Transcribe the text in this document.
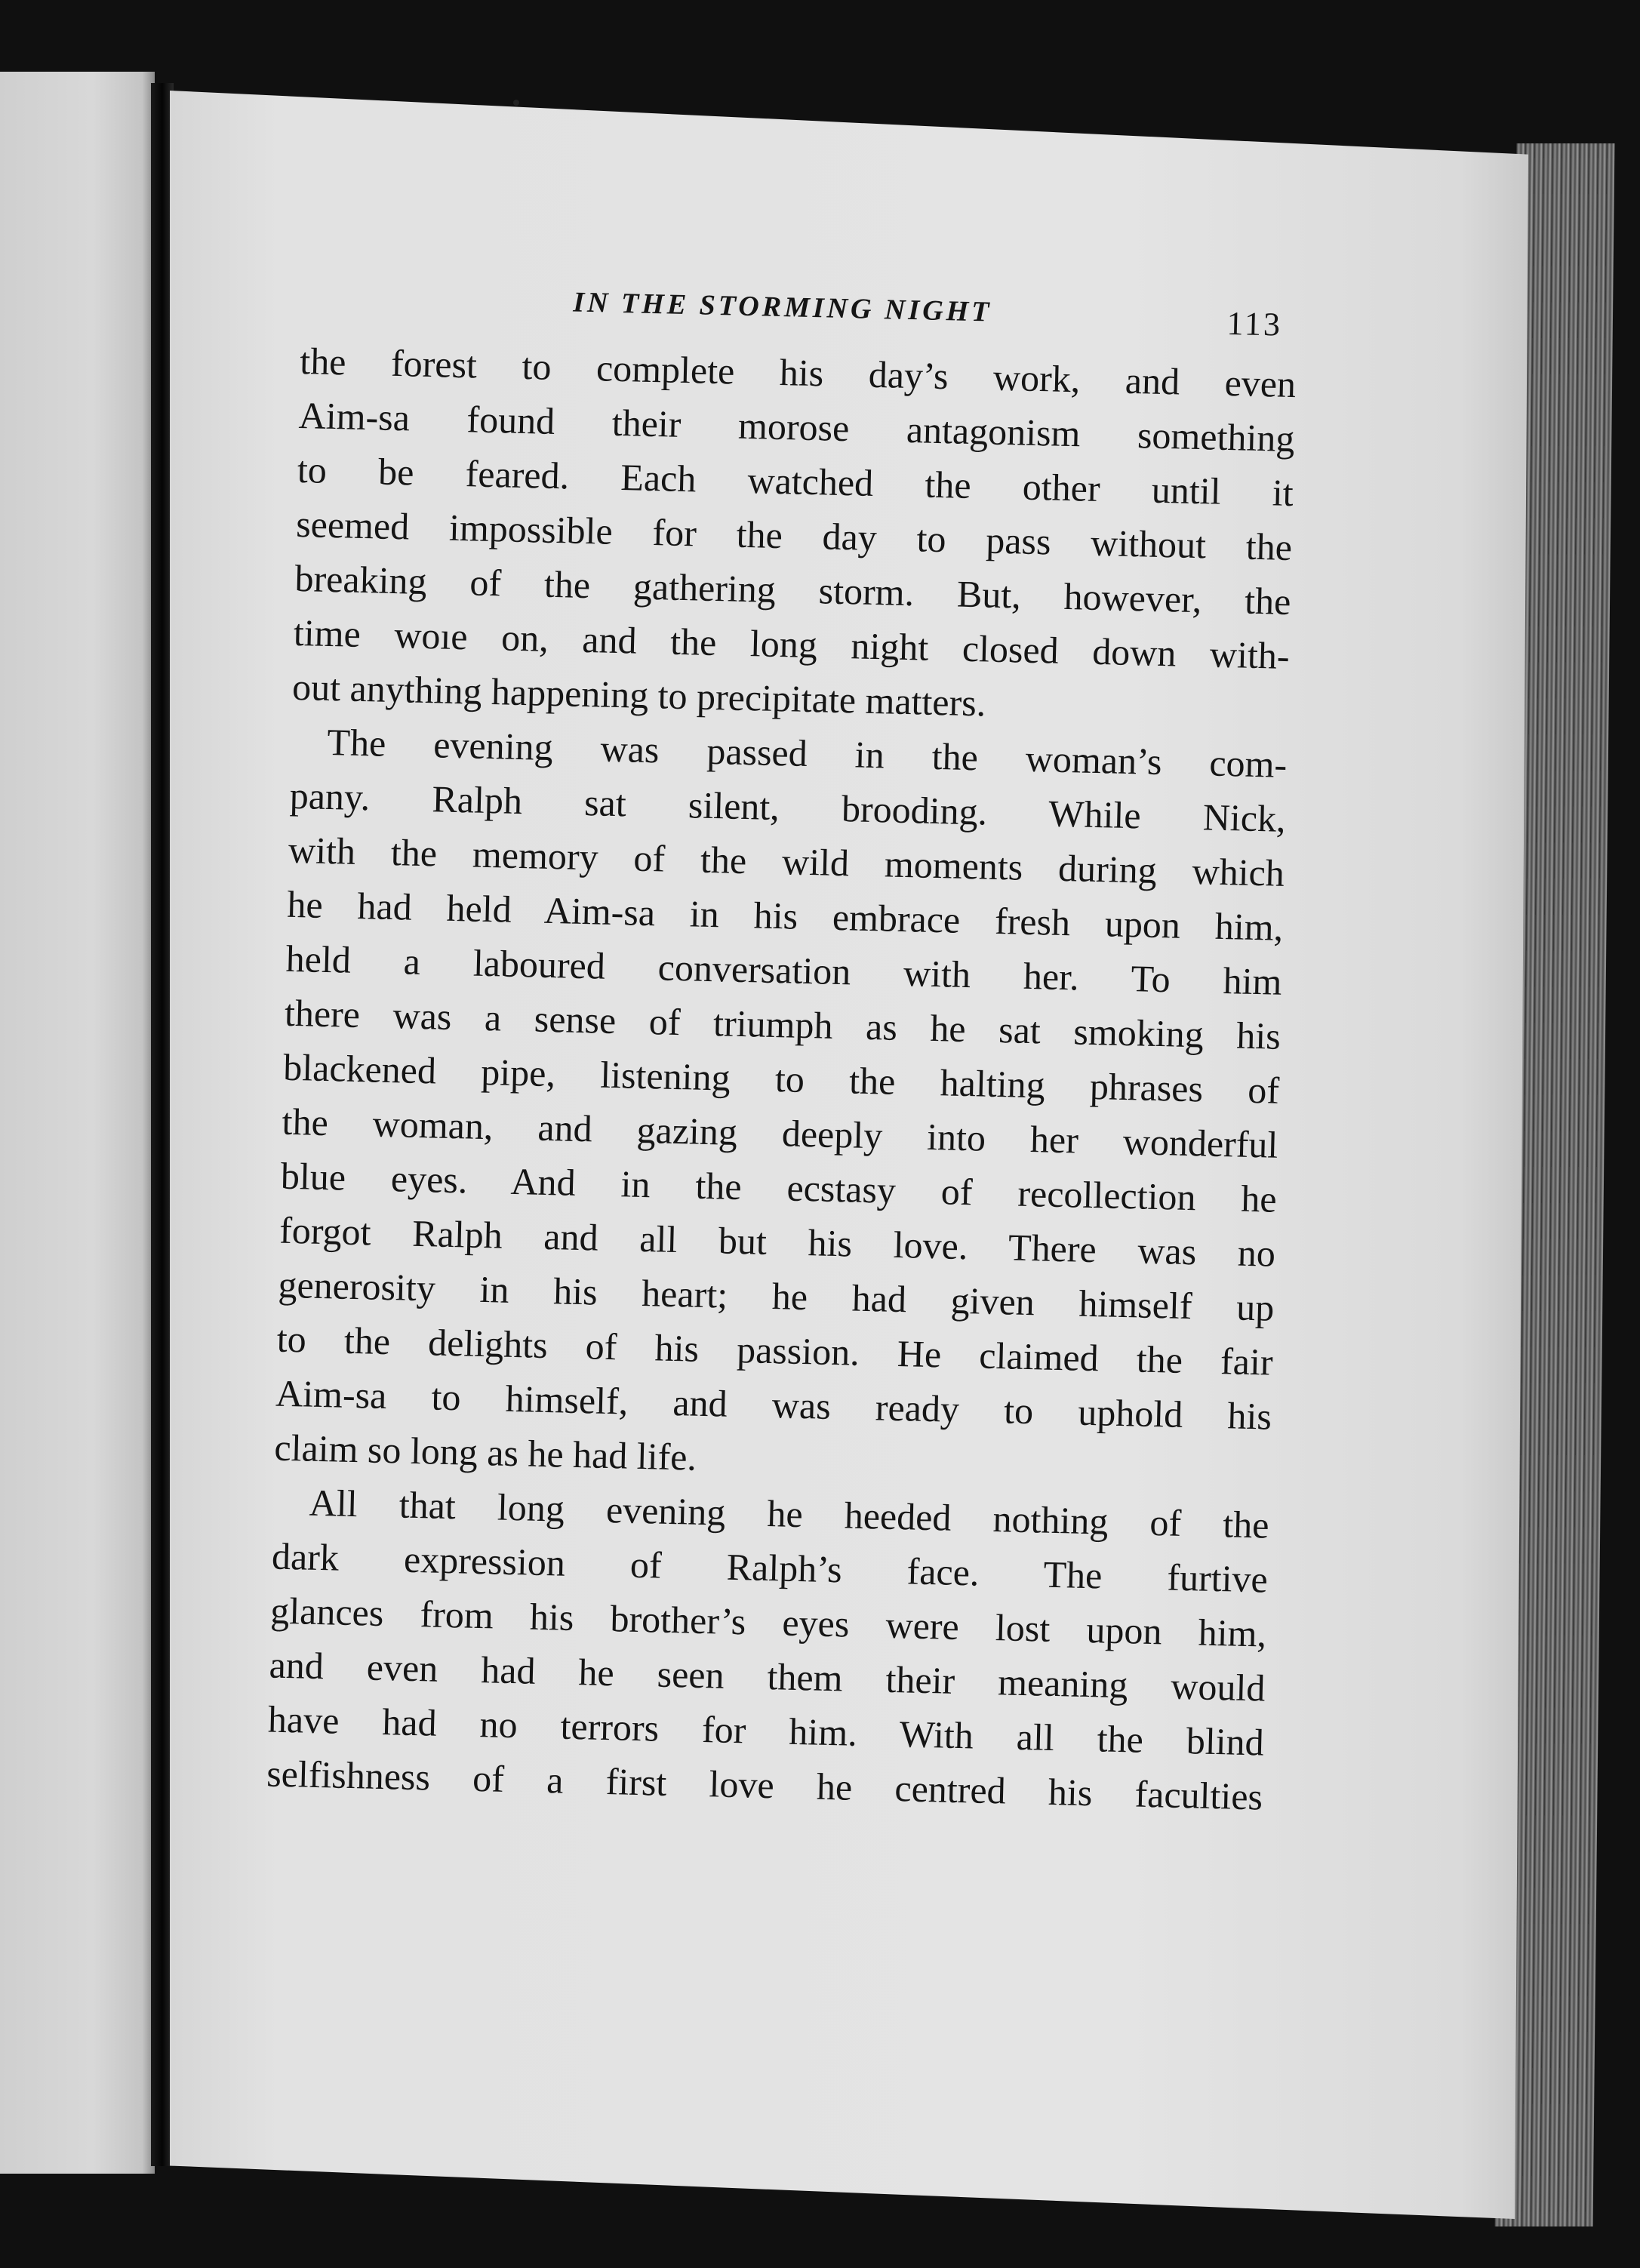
IN THE STORMING NIGHT	113
the forest to complete his day’s work, and even
Aim-sa found their morose antagonism something
to be feared. Each watched the other until it
seemed impossible for the day to pass without the
breaking of the gathering storm. But, however, the
time woıe on, and the long night closed down with-
out anything happening to precipitate matters.
The evening was passed in the woman’s com-
pany. Ralph sat silent, brooding. While Nick,
with the memory of the wild moments during which
he had held Aim-sa in his embrace fresh upon him,
held a laboured conversation with her. To him
there was a sense of triumph as he sat smoking his
blackened pipe, listening to the halting phrases of
the woman, and gazing deeply into her wonderful
blue eyes. And in the ecstasy of recollection he
forgot Ralph and all but his love. There was no
generosity in his heart; he had given himself up
to the delights of his passion. He claimed the fair
Aim-sa to himself, and was ready to uphold his
claim so long as he had life.
All that long evening he heeded nothing of the
dark expression of Ralph’s face. The furtive
glances from his brother’s eyes were lost upon him,
and even had he seen them their meaning would
have had no terrors for him. With all the blind
selfishness of a first love he centred his faculties
